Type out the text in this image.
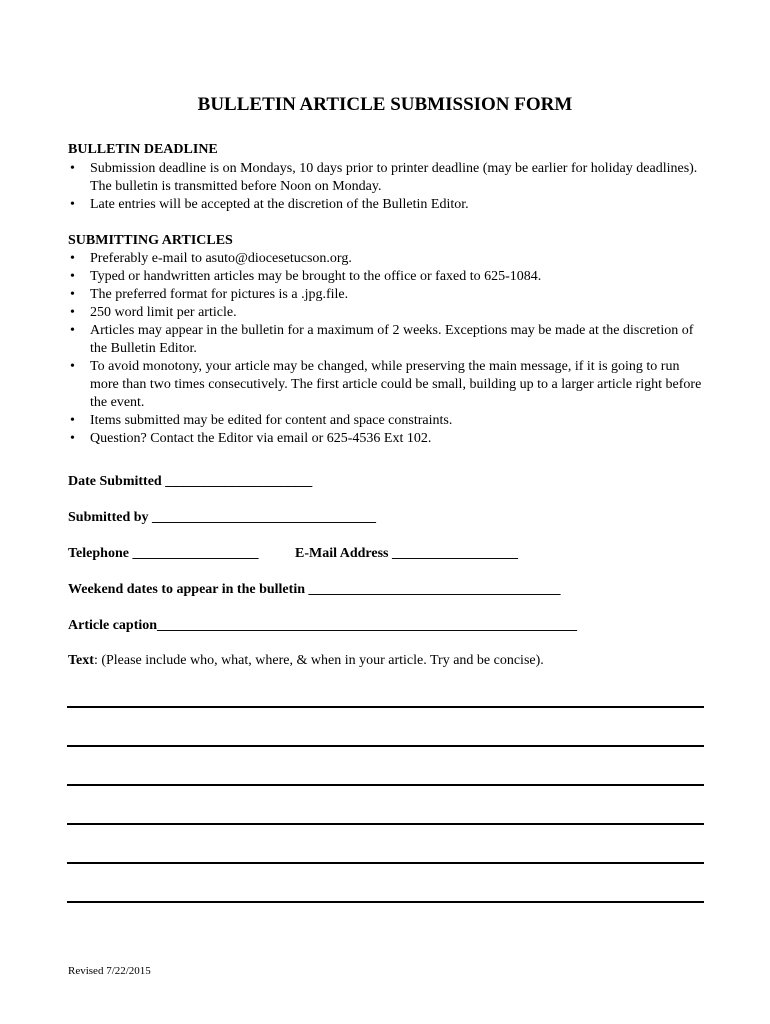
BULLETIN ARTICLE SUBMISSION FORM
BULLETIN DEADLINE
• Submission deadline is on Mondays, 10 days prior to printer deadline (may be earlier for holiday deadlines). The bulletin is transmitted before Noon on Monday.
• Late entries will be accepted at the discretion of the Bulletin Editor.
SUBMITTING ARTICLES
• Preferably e-mail to asuto@diocesetucson.org.
• Typed or handwritten articles may be brought to the office or faxed to 625-1084.
• The preferred format for pictures is a .jpg.file.
• 250 word limit per article.
• Articles may appear in the bulletin for a maximum of 2 weeks. Exceptions may be made at the discretion of the Bulletin Editor.
• To avoid monotony, your article may be changed, while preserving the main message, if it is going to run more than two times consecutively. The first article could be small, building up to a larger article right before the event.
• Items submitted may be edited for content and space constraints.
• Question? Contact the Editor via email or 625-4536 Ext 102.
Date Submitted _____________________
Submitted by ________________________________
Telephone __________________	E-Mail Address __________________
Weekend dates to appear in the bulletin ____________________________________
Article caption____________________________________________________________
Text: (Please include who, what, where, & when in your article. Try and be concise).
Revised 7/22/2015
